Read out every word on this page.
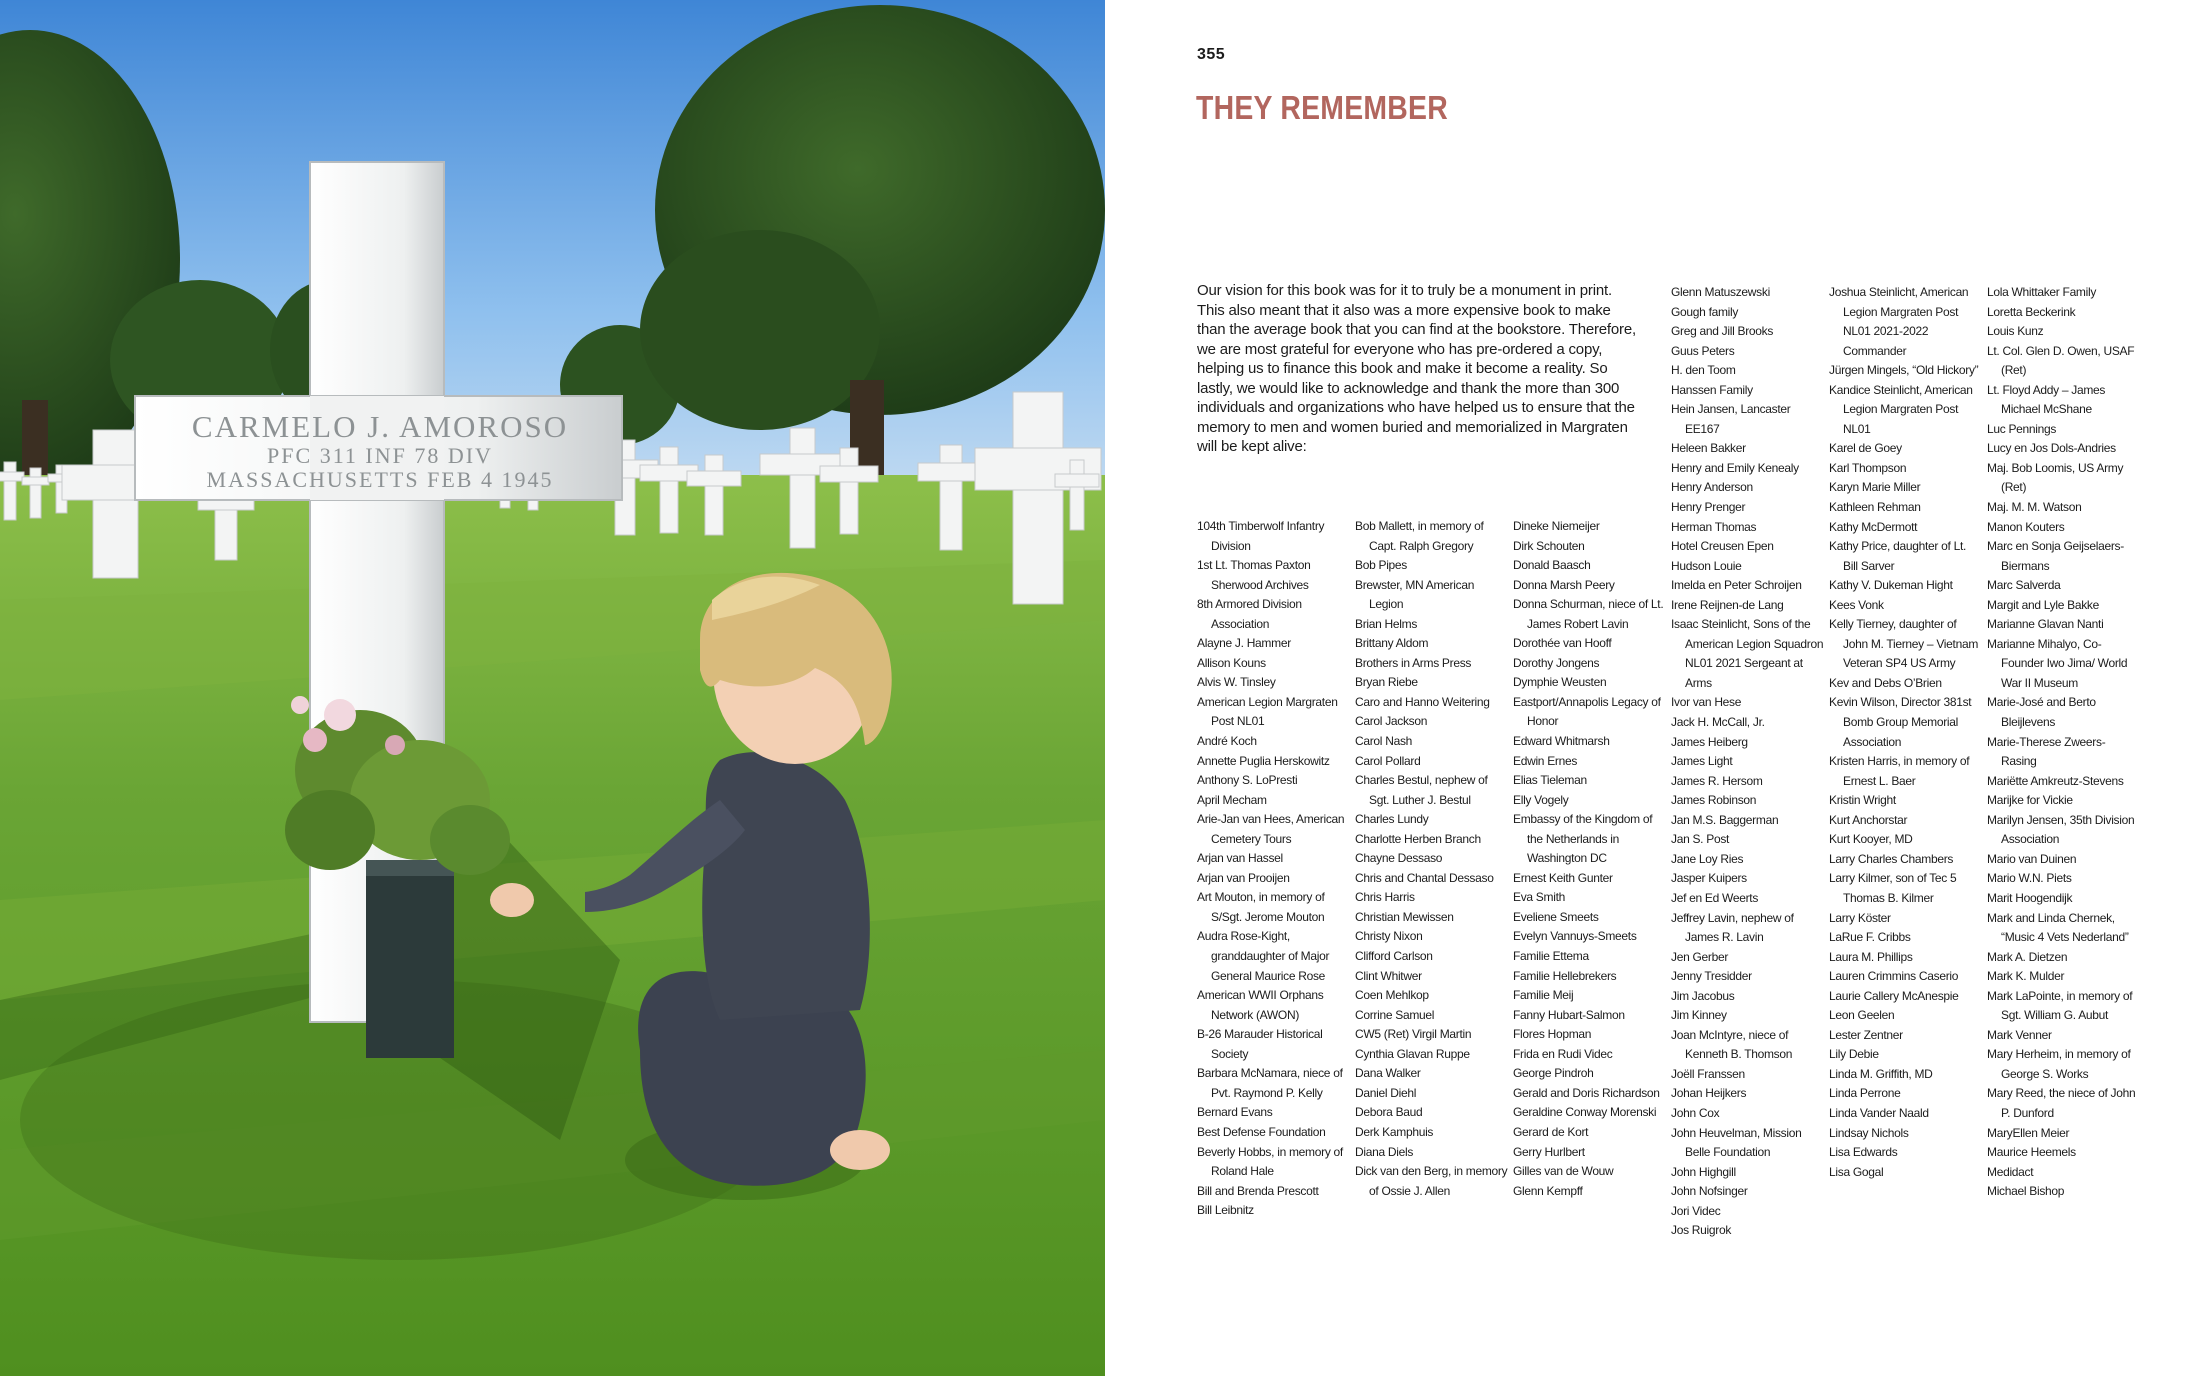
CARMELO J. AMOROSO
PFC 311 INF 78 DIV
MASSACHUSETTS FEB 4 1945
355
THEY REMEMBER
Our vision for this book was for it to truly be a monument in print. This also meant that it also was a more expensive book to make than the average book that you can find at the bookstore. Therefore, we are most grateful for everyone who has pre-ordered a copy, helping us to finance this book and make it become a reality. So lastly, we would like to acknowledge and thank the more than 300 individuals and organizations who have helped us to ensure that the memory to men and women buried and memorialized in Margraten will be kept alive:
104th Timberwolf Infantry Division
1st Lt. Thomas Paxton Sherwood Archives
8th Armored Division Association
Alayne J. Hammer
Allison Kouns
Alvis W. Tinsley
American Legion Margraten Post NL01
André Koch
Annette Puglia Herskowitz
Anthony S. LoPresti
April Mecham
Arie-Jan van Hees, American Cemetery Tours
Arjan van Hassel
Arjan van Prooijen
Art Mouton, in memory of S/Sgt. Jerome Mouton
Audra Rose-Kight, granddaughter of Major General Maurice Rose
American WWII Orphans Network (AWON)
B-26 Marauder Historical Society
Barbara McNamara, niece of Pvt. Raymond P. Kelly
Bernard Evans
Best Defense Foundation
Beverly Hobbs, in memory of Roland Hale
Bill and Brenda Prescott
Bill Leibnitz
Bob Mallett, in memory of Capt. Ralph Gregory
Bob Pipes
Brewster, MN American Legion
Brian Helms
Brittany Aldom
Brothers in Arms Press
Bryan Riebe
Caro and Hanno Weitering
Carol Jackson
Carol Nash
Carol Pollard
Charles Bestul, nephew of Sgt. Luther J. Bestul
Charles Lundy
Charlotte Herben Branch
Chayne Dessaso
Chris and Chantal Dessaso
Chris Harris
Christian Mewissen
Christy Nixon
Clifford Carlson
Clint Whitwer
Coen Mehlkop
Corrine Samuel
CW5 (Ret) Virgil Martin
Cynthia Glavan Ruppe
Dana Walker
Daniel Diehl
Debora Baud
Derk Kamphuis
Diana Diels
Dick van den Berg, in memory of Ossie J. Allen
Dineke Niemeijer
Dirk Schouten
Donald Baasch
Donna Marsh Peery
Donna Schurman, niece of Lt. James Robert Lavin
Dorothée van Hooff
Dorothy Jongens
Dymphie Weusten
Eastport/Annapolis Legacy of Honor
Edward Whitmarsh
Edwin Ernes
Elias Tieleman
Elly Vogely
Embassy of the Kingdom of the Netherlands in Washington DC
Ernest Keith Gunter
Eva Smith
Eveliene Smeets
Evelyn Vannuys-Smeets
Familie Ettema
Familie Hellebrekers
Familie Meij
Fanny Hubart-Salmon
Flores Hopman
Frida en Rudi Videc
George Pindroh
Gerald and Doris Richardson
Geraldine Conway Morenski
Gerard de Kort
Gerry Hurlbert
Gilles van de Wouw
Glenn Kempff
Glenn Matuszewski
Gough family
Greg and Jill Brooks
Guus Peters
H. den Toom
Hanssen Family
Hein Jansen, Lancaster EE167
Heleen Bakker
Henry and Emily Kenealy
Henry Anderson
Henry Prenger
Herman Thomas
Hotel Creusen Epen
Hudson Louie
Imelda en Peter Schroijen
Irene Reijnen-de Lang
Isaac Steinlicht, Sons of the American Legion Squadron NL01 2021 Sergeant at Arms
Ivor van Hese
Jack H. McCall, Jr.
James Heiberg
James Light
James R. Hersom
James Robinson
Jan M.S. Baggerman
Jan S. Post
Jane Loy Ries
Jasper Kuipers
Jef en Ed Weerts
Jeffrey Lavin, nephew of James R. Lavin
Jen Gerber
Jenny Tresidder
Jim Jacobus
Jim Kinney
Joan McIntyre, niece of Kenneth B. Thomson
Joëll Franssen
Johan Heijkers
John Cox
John Heuvelman, Mission Belle Foundation
John Highgill
John Nofsinger
Jori Videc
Jos Ruigrok
Joshua Steinlicht, American Legion Margraten Post NL01 2021-2022 Commander
Jürgen Mingels, “Old Hickory”
Kandice Steinlicht, American Legion Margraten Post NL01
Karel de Goey
Karl Thompson
Karyn Marie Miller
Kathleen Rehman
Kathy McDermott
Kathy Price, daughter of Lt. Bill Sarver
Kathy V. Dukeman Hight
Kees Vonk
Kelly Tierney, daughter of John M. Tierney – Vietnam Veteran SP4 US Army
Kev and Debs O’Brien
Kevin Wilson, Director 381st Bomb Group Memorial Association
Kristen Harris, in memory of Ernest L. Baer
Kristin Wright
Kurt Anchorstar
Kurt Kooyer, MD
Larry Charles Chambers
Larry Kilmer, son of Tec 5 Thomas B. Kilmer
Larry Köster
LaRue F. Cribbs
Laura M. Phillips
Lauren Crimmins Caserio
Laurie Callery McAnespie
Leon Geelen
Lester Zentner
Lily Debie
Linda M. Griffith, MD
Linda Perrone
Linda Vander Naald
Lindsay Nichols
Lisa Edwards
Lisa Gogal
Lola Whittaker Family
Loretta Beckerink
Louis Kunz
Lt. Col. Glen D. Owen, USAF (Ret)
Lt. Floyd Addy – James Michael McShane
Luc Pennings
Lucy en Jos Dols-Andries
Maj. Bob Loomis, US Army (Ret)
Maj. M. M. Watson
Manon Kouters
Marc en Sonja Geijselaers-Biermans
Marc Salverda
Margit and Lyle Bakke
Marianne Glavan Nanti
Marianne Mihalyo, Co-Founder Iwo Jima/ World War II Museum
Marie-José and Berto Bleijlevens
Marie-Therese Zweers-Rasing
Mariëtte Amkreutz-Stevens
Marijke for Vickie
Marilyn Jensen, 35th Division Association
Mario van Duinen
Mario W.N. Piets
Marit Hoogendijk
Mark and Linda Chernek, “Music 4 Vets Nederland”
Mark A. Dietzen
Mark K. Mulder
Mark LaPointe, in memory of Sgt. William G. Aubut
Mark Venner
Mary Herheim, in memory of George S. Works
Mary Reed, the niece of John P. Dunford
MaryEllen Meier
Maurice Heemels
Medidact
Michael Bishop
